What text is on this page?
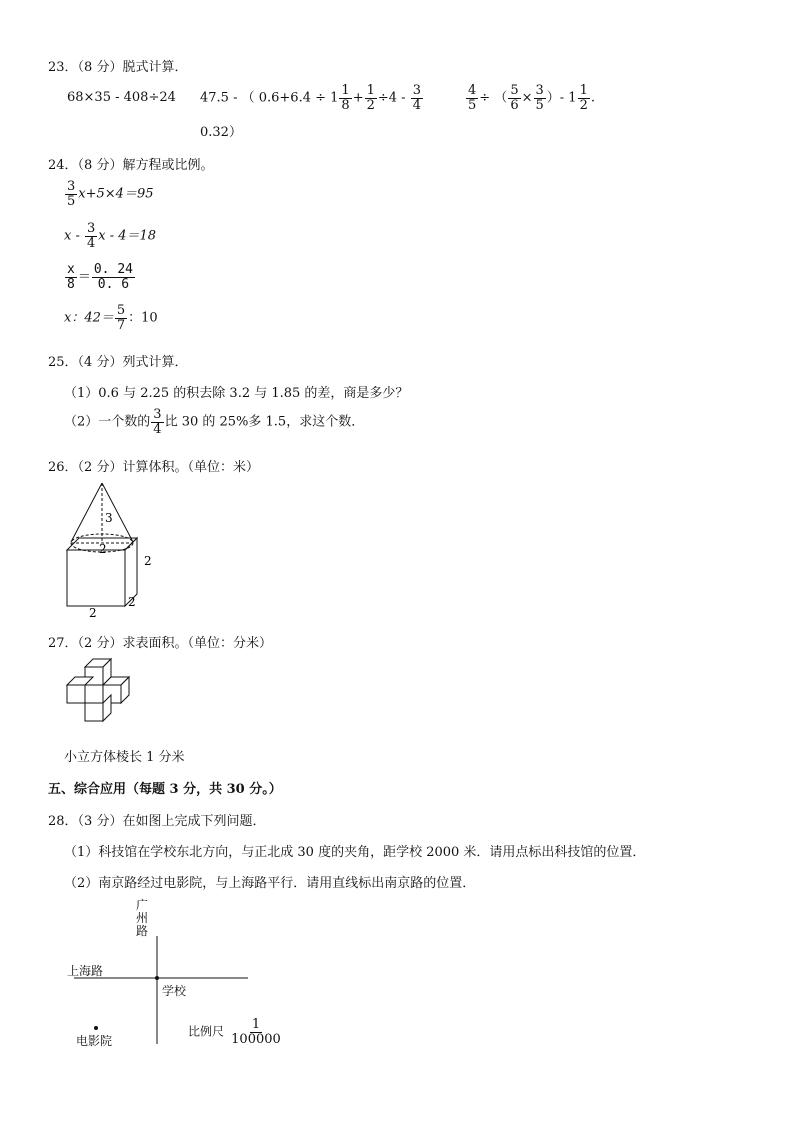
23．（8 分）脱式计算．
68×35 - 408÷24 47.5 - （ $0.6+6.4 \div 1 \frac{1}{8} + \frac{1}{2} \div 4 - \frac{3}{4}$
0.32）
$\frac{4}{5}$ ÷ （ $\frac{5}{6} \times \frac{3}{5}$ ）- $1 \frac{1}{2}$ .
24．（8 分）解方程或比例。
$\frac{3}{5} x+5\times 4=95$
x - $\frac{3}{4}$ x - 4＝18
$\frac{x}{8} = \frac{0. 24}{0. 6}$
x：$42= \frac{5}{7}$ ：10
25．（4 分）列式计算．
（1）0.6 与 2.25 的积去除 3.2 与 1.85 的差，商是多少？
（2）一个数的 $\frac{3}{4}$ 比 30 的 25%多 1.5，求这个数．
26．（2 分）计算体积。（单位：米）
3
2
2
2
2
27．（2 分）求表面积。（单位：分米）
小立方体棱长 1 分米
五、综合应用（每题 3 分，共 30 分。）
28．（3 分）在如图上完成下列问题．
（1）科技馆在学校东北方向，与正北成 30 度的夹角，距学校 2000 米．请用点标出科技馆的位置．
（2）南京路经过电影院，与上海路平行．请用直线标出南京路的位置．
广州路
上海路
学校
电影院
比例尺 $\frac{1}{100000}$
